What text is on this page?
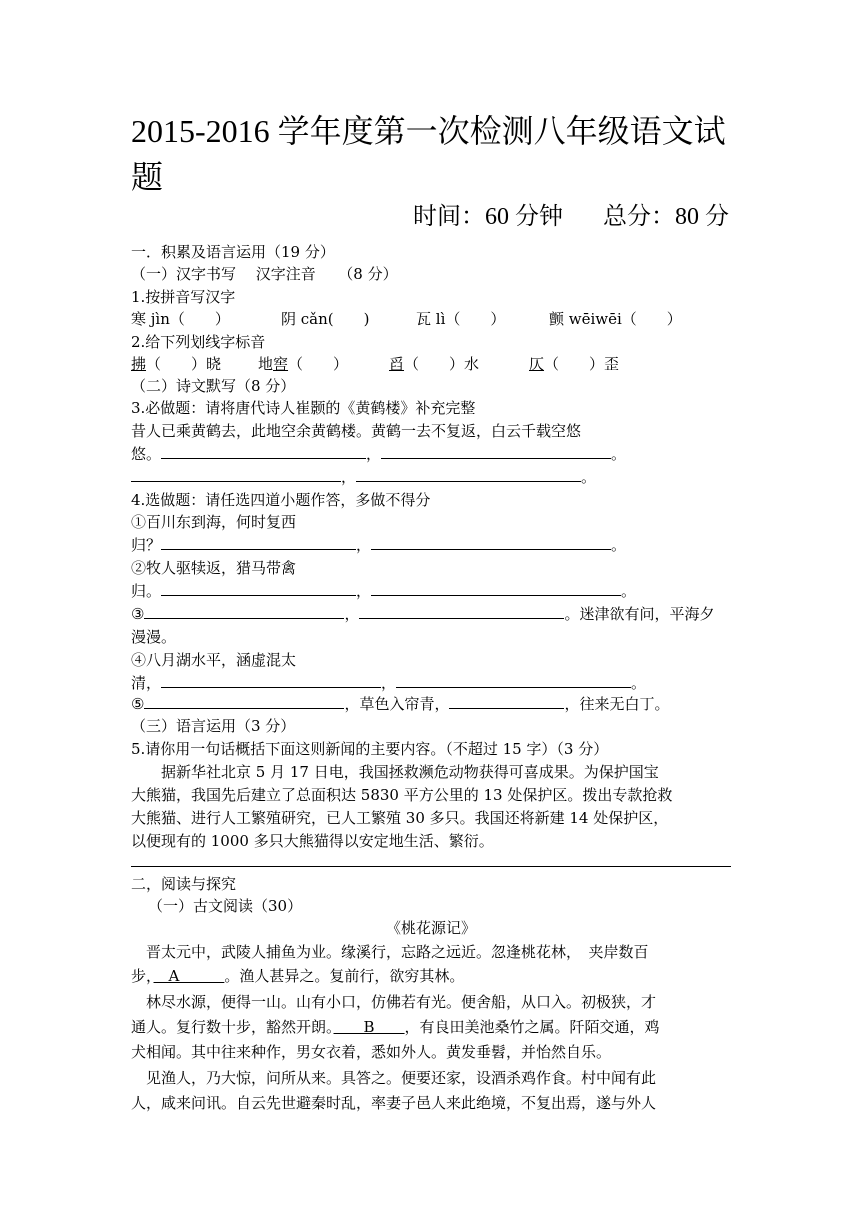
2015-2016 学年度第一次检测八年级语文试
题
时间：60 分钟 总分：80 分
一．积累及语言运用（19 分）
（一）汉字书写　 汉字注音　　（8 分）
1.按拼音写汉字
寒 jìn（　　）	阴 cǎn(　　)	瓦 lì（　　）	颤 wēiwēi（　　）
2.给下列划线字标音
拂（　　）晓 地窖（　　）	舀（　　）水	仄（　　）歪
（二）诗文默写（8 分）
3.必做题：请将唐代诗人崔颢的《黄鹤楼》补充完整
昔人已乘黄鹤去，此地空余黄鹤楼。黄鹤一去不复返，白云千载空悠
悠。	，	。
，	。
4.选做题：请任选四道小题作答，多做不得分
①百川东到海，何时复西
归？	，	。
②牧人驱犊返，猎马带禽
归。	，	。
③	，	。迷津欲有问，平海夕
漫漫。
④八月湖水平，涵虚混太
清，	，	。
⑤	，草色入帘青，	，往来无白丁。
（三）语言运用（3 分）
5.请你用一句话概括下面这则新闻的主要内容。（不超过 15 字）（3 分）
　　据新华社北京 5 月 17 日电，我国拯救濒危动物获得可喜成果。为保护国宝
大熊猫，我国先后建立了总面积达 5830 平方公里的 13 处保护区。拨出专款抢救
大熊猫、进行人工繁殖研究，已人工繁殖 30 多只。我国还将新建 14 处保护区，
以便现有的 1000 多只大熊猫得以安定地生活、繁衍。
二，阅读与探究
（一）古文阅读（30）
《桃花源记》
　晋太元中，武陵人捕鱼为业。缘溪行，忘路之远近。忽逢桃花林，　夹岸数百
步，　A　　　。渔人甚异之。复前行，欲穷其林。
　林尽水源，便得一山。山有小口，仿佛若有光。便舍船，从口入。初极狭，才
通人。复行数十步，豁然开朗。　　B　　，有良田美池桑竹之属。阡陌交通，鸡
犬相闻。其中往来种作，男女衣着，悉如外人。黄发垂髫，并怡然自乐。
　见渔人，乃大惊，问所从来。具答之。便要还家，设酒杀鸡作食。村中闻有此
人，咸来问讯。自云先世避秦时乱，率妻子邑人来此绝境，不复出焉，遂与外人
